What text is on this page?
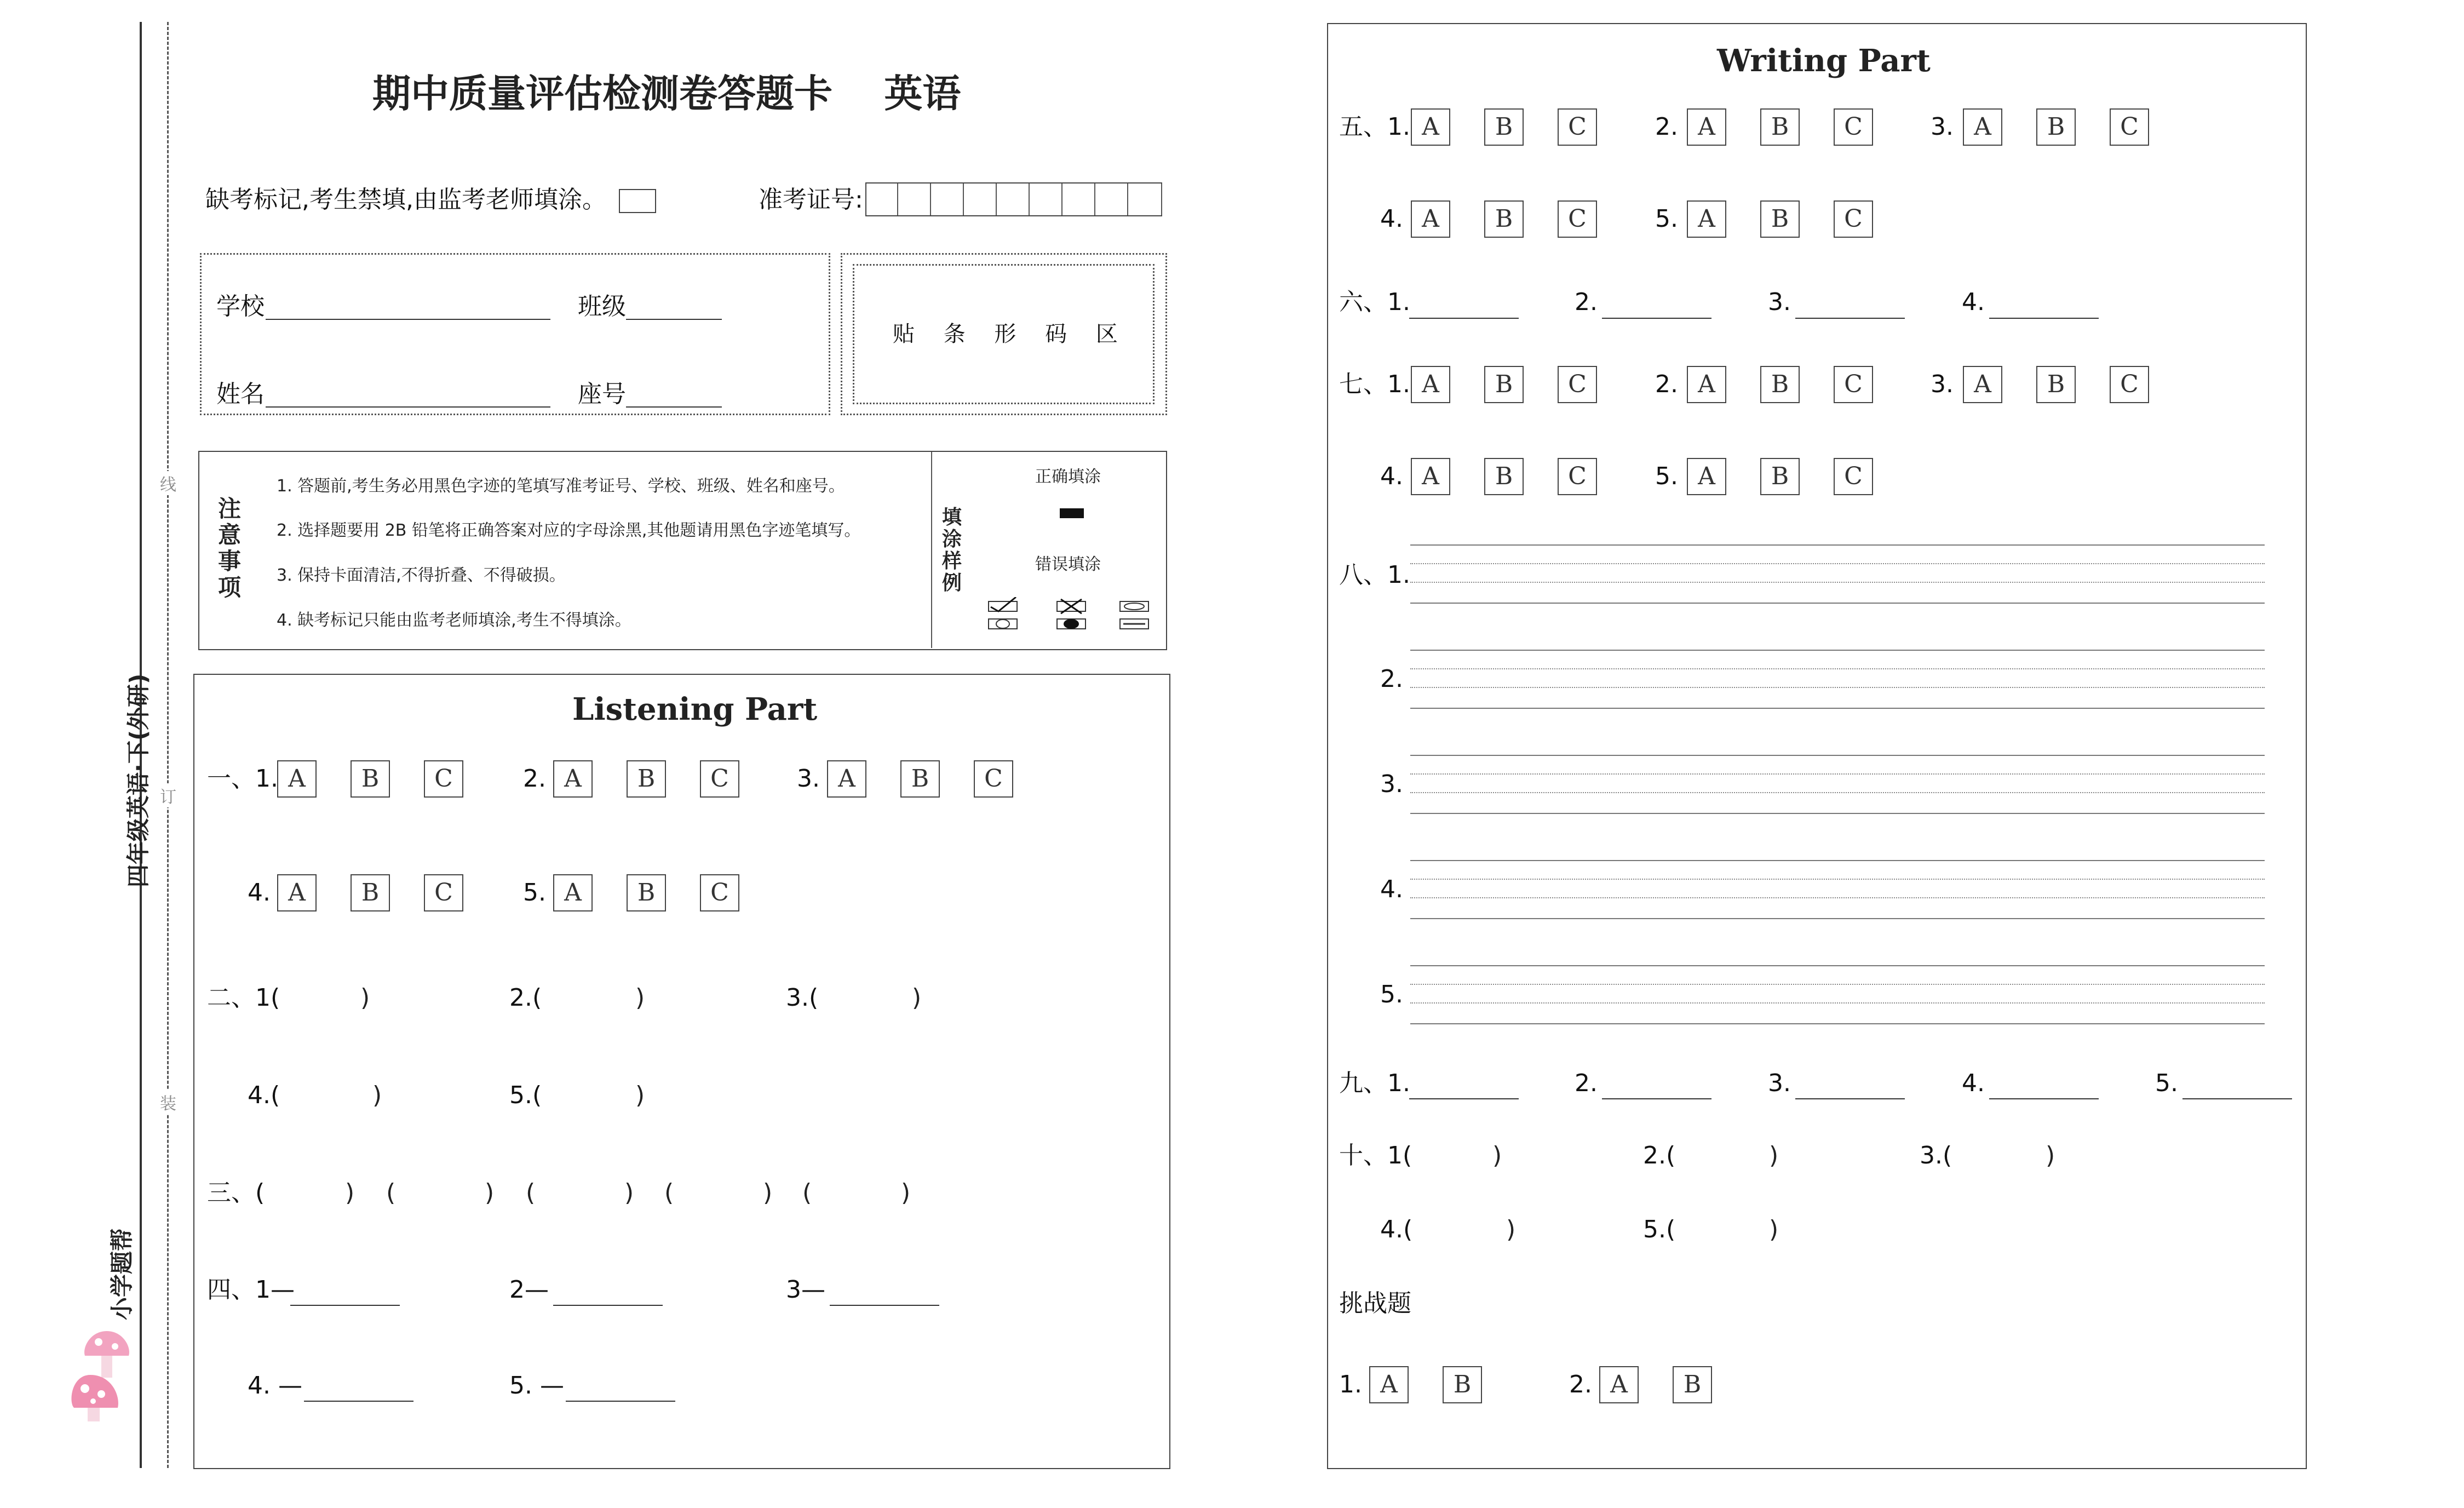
线
订
装
四年级英语·下(外研)
小学题帮
期中质量评估检测卷答题卡 英语
缺考标记,考生禁填,由监考老师填涂。	准考证号:
学校	班级
姓名	座号
贴 条 形 码 区
注意事项
1. 答题前,考生务必用黑色字迹的笔填写准考证号、学校、班级、姓名和座号。
2. 选择题要用 2B 铅笔将正确答案对应的字母涂黑,其他题请用黑色字迹笔填写。
3. 保持卡面清洁,不得折叠、不得破损。
4. 缺考标记只能由监考老师填涂,考生不得填涂。
填涂样例
正确填涂
错误填涂
Listening Part
一、1. A	B	C	2. A	B	C	3. A	B	C
4. A	B	C	5. A	B	C
二、1(	)	2.(	)	3.(	)
4.(	)	5.(	)
三、(	) (	) (	) (	) (	)
四、1—	2—	3—
4. —	5. —
Writing Part
五、1. A	B	C	2. A	B	C	3. A	B	C
4. A	B	C	5. A	B	C
六、1.	2.	3.	4.
七、1. A	B	C	2. A	B	C	3. A	B	C
4. A	B	C	5. A	B	C
八、1.
2.
3.
4.
5.
九、1.	2.	3.	4.	5.
十、1(	)	2.(	)	3.(	)
4.(	)	5.(	)
挑战题
1. A	B	2. A	B
